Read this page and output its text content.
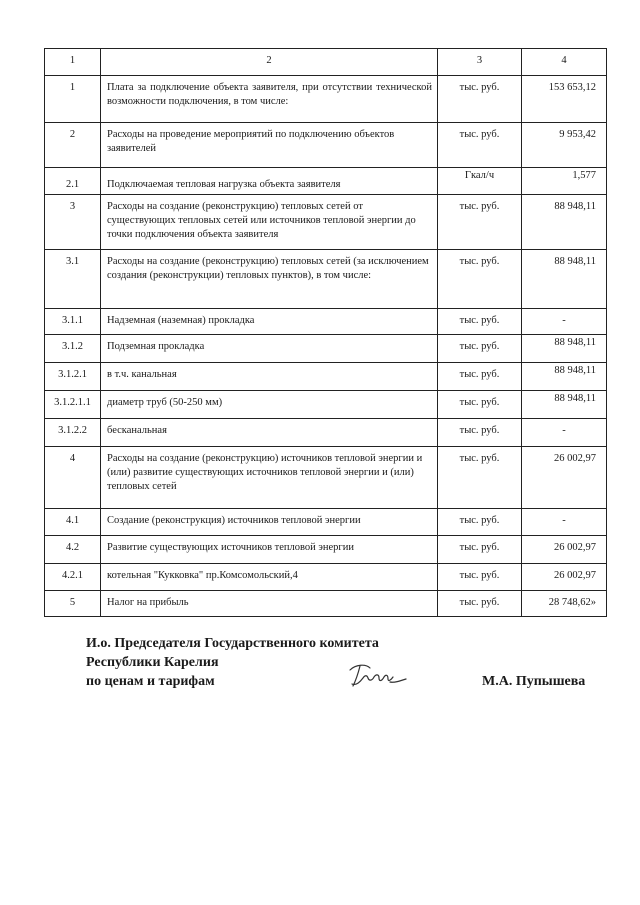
1	2	3	4
1	Плата за подключение объекта заявителя, при отсутствии технической возможности подключения, в том числе:	тыс. руб.	153 653,12
2	Расходы на проведение мероприятий по подключению объектов заявителей	тыс. руб.	9 953,42
2.1	Подключаемая тепловая нагрузка объекта заявителя	Гкал/ч	1,577
3	Расходы на создание (реконструкцию) тепловых сетей от существующих тепловых сетей или источников тепловой энергии до точки подключения объекта заявителя	тыс. руб.	88 948,11
3.1	Расходы на создание (реконструкцию) тепловых сетей (за исключением создания (реконструкции) тепловых пунктов), в том числе:	тыс. руб.	88 948,11
3.1.1	Надземная (наземная) прокладка	тыс. руб.	-
3.1.2	Подземная прокладка	тыс. руб.	88 948,11
3.1.2.1	в т.ч. канальная	тыс. руб.	88 948,11
3.1.2.1.1	диаметр труб (50-250 мм)	тыс. руб.	88 948,11
3.1.2.2	бесканальная	тыс. руб.	-
4	Расходы на создание (реконструкцию) источников тепловой энергии и (или) развитие существующих источников тепловой энергии и (или) тепловых сетей	тыс. руб.	26 002,97
4.1	Создание (реконструкция) источников тепловой энергии	тыс. руб.	-
4.2	Развитие существующих источников тепловой энергии	тыс. руб.	26 002,97
4.2.1	котельная "Кукковка" пр.Комсомольский,4	тыс. руб.	26 002,97
5	Налог на прибыль	тыс. руб.	28 748,62»
И.о. Председателя Государственного комитета
Республики Карелия
по ценам и тарифам	М.А. Пупышева
